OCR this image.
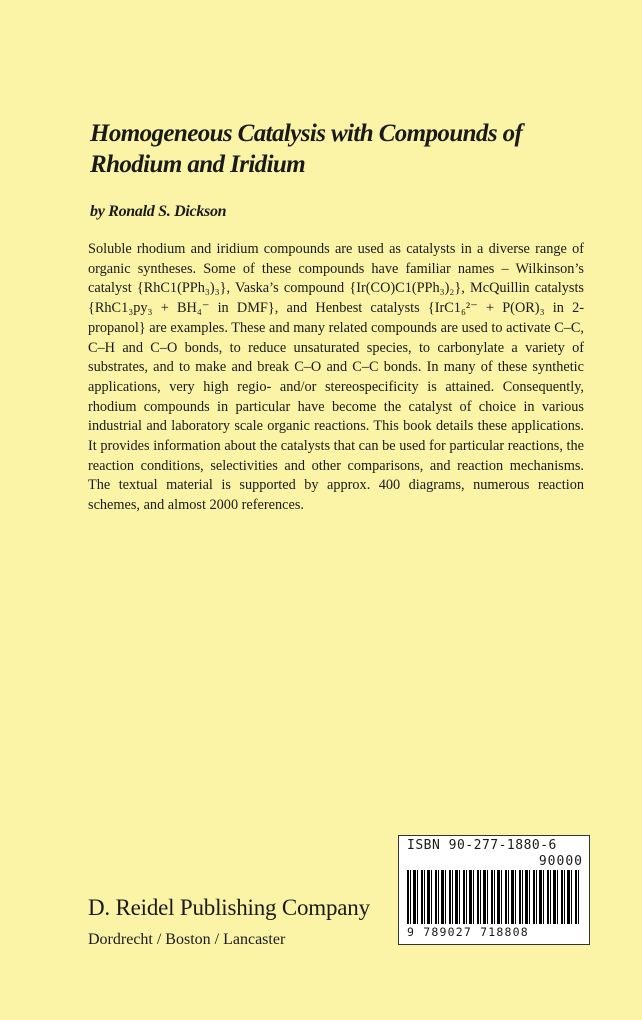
Homogeneous Catalysis with Compounds of
Rhodium and Iridium
by Ronald S. Dickson

Soluble rhodium and iridium compounds are used as catalysts in a diverse range of organic syntheses. Some of these compounds have familiar names – Wilkinson’s catalyst {RhC1(PPh₃)₃}, Vaska’s compound {Ir(CO)C1(PPh₃)₂}, McQuillin catalysts {RhC1₃py₃ + BH₄⁻ in DMF}, and Henbest catalysts {IrC1₆²⁻ + P(OR)₃ in 2-propanol} are examples. These and many related compounds are used to activate C–C, C–H and C–O bonds, to reduce unsaturated species, to carbonylate a variety of substrates, and to make and break C–O and C–C bonds. In many of these synthetic applications, very high regio- and/or stereospecificity is attained. Consequently, rhodium compounds in particular have become the catalyst of choice in various industrial and laboratory scale organic reactions. This book details these applications. It provides information about the catalysts that can be used for particular reactions, the reaction conditions, selectivities and other comparisons, and reaction mechanisms. The textual material is supported by approx. 400 diagrams, numerous reaction schemes, and almost 2000 references.

ISBN 90-277-1880-6
90000
9 789027 718808
D. Reidel Publishing Company
Dordrecht / Boston / Lancaster
